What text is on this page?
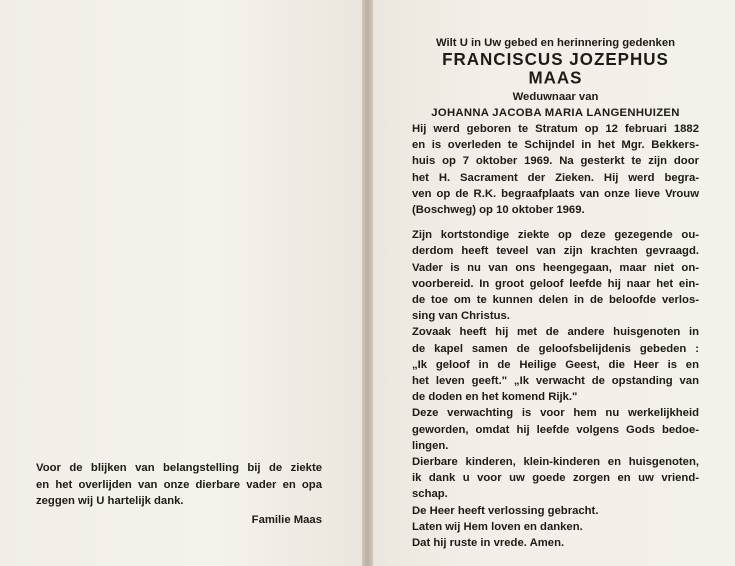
Voor de blijken van belangstelling bij de ziekte
en het overlijden van onze dierbare vader en opa
zeggen wij U hartelijk dank.
Familie Maas
Wilt U in Uw gebed en herinnering gedenken
FRANCISCUS JOZEPHUS
MAAS
Weduwnaar van
JOHANNA JACOBA MARIA LANGENHUIZEN
Hij werd geboren te Stratum op 12 februari 1882
en is overleden te Schijndel in het Mgr. Bekkers-
huis op 7 oktober 1969. Na gesterkt te zijn door
het H. Sacrament der Zieken. Hij werd begra-
ven op de R.K. begraafplaats van onze lieve Vrouw
(Boschweg) op 10 oktober 1969.
Zijn kortstondige ziekte op deze gezegende ou-
derdom heeft teveel van zijn krachten gevraagd.
Vader is nu van ons heengegaan, maar niet on-
voorbereid. In groot geloof leefde hij naar het ein-
de toe om te kunnen delen in de beloofde verlos-
sing van Christus.
Zovaak heeft hij met de andere huisgenoten in
de kapel samen de geloofsbelijdenis gebeden :
„Ik geloof in de Heilige Geest, die Heer is en
het leven geeft." „Ik verwacht de opstanding van
de doden en het komend Rijk."
Deze verwachting is voor hem nu werkelijkheid
geworden, omdat hij leefde volgens Gods bedoe-
lingen.
Dierbare kinderen, klein-kinderen en huisgenoten,
ik dank u voor uw goede zorgen en uw vriend-
schap.
De Heer heeft verlossing gebracht.
Laten wij Hem loven en danken.
Dat hij ruste in vrede. Amen.
